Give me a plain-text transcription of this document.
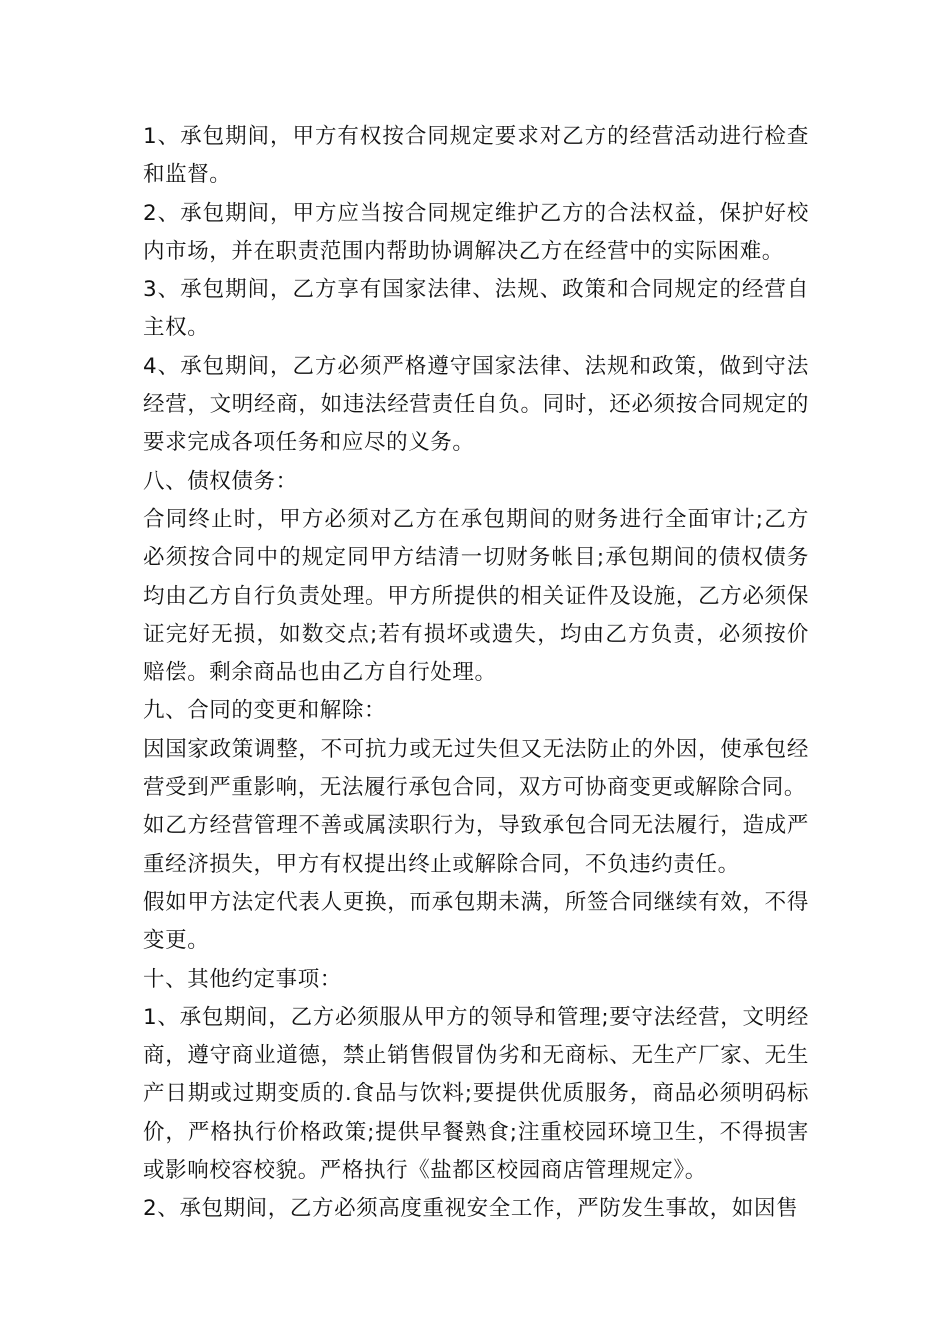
1、承包期间，甲方有权按合同规定要求对乙方的经营活动进行检查和监督。

2、承包期间，甲方应当按合同规定维护乙方的合法权益，保护好校内市场，并在职责范围内帮助协调解决乙方在经营中的实际困难。

3、承包期间，乙方享有国家法律、法规、政策和合同规定的经营自主权。

4、承包期间，乙方必须严格遵守国家法律、法规和政策，做到守法经营，文明经商，如违法经营责任自负。同时，还必须按合同规定的要求完成各项任务和应尽的义务。

八、债权债务：

合同终止时，甲方必须对乙方在承包期间的财务进行全面审计;乙方必须按合同中的规定同甲方结清一切财务帐目;承包期间的债权债务均由乙方自行负责处理。甲方所提供的相关证件及设施，乙方必须保证完好无损，如数交点;若有损坏或遗失，均由乙方负责，必须按价赔偿。剩余商品也由乙方自行处理。

九、合同的变更和解除：

因国家政策调整，不可抗力或无过失但又无法防止的外因，使承包经营受到严重影响，无法履行承包合同，双方可协商变更或解除合同。

如乙方经营管理不善或属渎职行为，导致承包合同无法履行，造成严重经济损失，甲方有权提出终止或解除合同，不负违约责任。

假如甲方法定代表人更换，而承包期未满，所签合同继续有效，不得变更。

十、其他约定事项：

1、承包期间，乙方必须服从甲方的领导和管理;要守法经营，文明经商，遵守商业道德，禁止销售假冒伪劣和无商标、无生产厂家、无生产日期或过期变质的.食品与饮料;要提供优质服务，商品必须明码标价，严格执行价格政策;提供早餐熟食;注重校园环境卫生，不得损害或影响校容校貌。严格执行《盐都区校园商店管理规定》。

2、承包期间，乙方必须高度重视安全工作，严防发生事故，如因售
